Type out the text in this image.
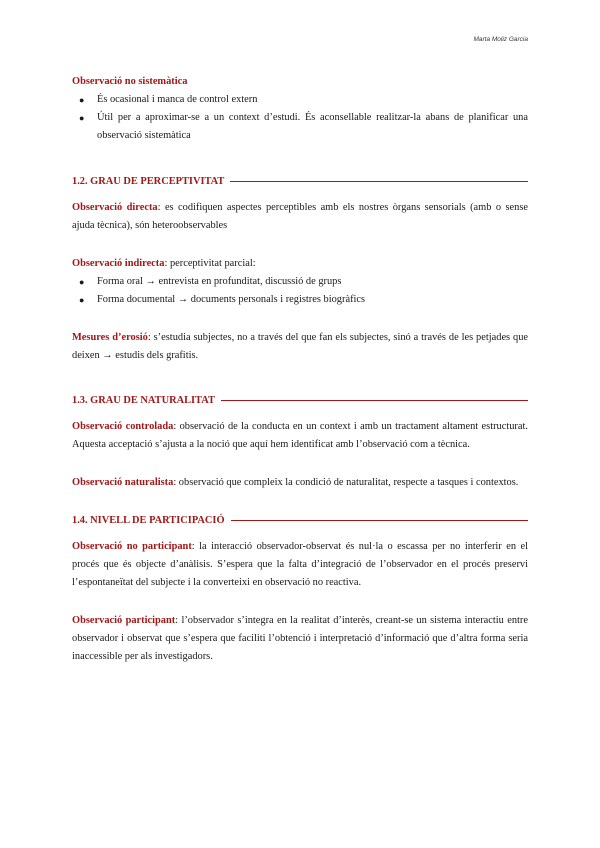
Marta Moliz Garcia

Observació no sistemàtica

● És ocasional i manca de control extern
● Útil per a aproximar-se a un context d’estudi. És aconsellable realitzar-la abans de planificar una observació sistemàtica
1.2. GRAU DE PERCEPTIVITAT

Observació directa: es codifiquen aspectes perceptibles amb els nostres òrgans sensorials (amb o sense ajuda tècnica), són heteroobservables

Observació indirecta: perceptivitat parcial:

● Forma oral → entrevista en profunditat, discussió de grups
● Forma documental → documents personals i registres biogràfics

Mesures d’erosió: s’estudia subjectes, no a través del que fan els subjectes, sinó a través de les petjades que deixen → estudis dels grafitis.

1.3. GRAU DE NATURALITAT

Observació controlada: observació de la conducta en un context i amb un tractament altament estructurat. Aquesta acceptació s’ajusta a la noció que aquí hem identificat amb l’observació com a tècnica.

Observació naturalista: observació que compleix la condició de naturalitat, respecte a tasques i contextos.

1.4. NIVELL DE PARTICIPACIÓ

Observació no participant: la interacció observador-observat és nul·la o escassa per no interferir en el procés que és objecte d’anàlisis. S’espera que la falta d’integració de l’observador en el procés preservi l’espontaneïtat del subjecte i la converteixi en observació no reactiva.

Observació participant: l’observador s’integra en la realitat d’interès, creant-se un sistema interactiu entre observador i observat que s’espera que faciliti l’obtenció i interpretació d’informació que d’altra forma seria inaccessible per als investigadors.
